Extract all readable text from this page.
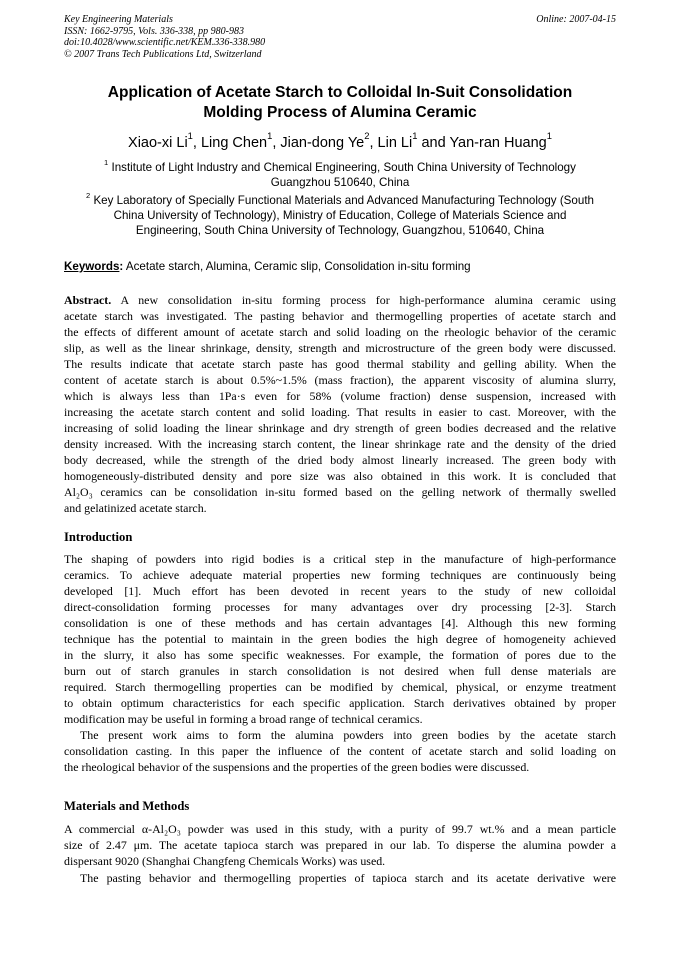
Key Engineering Materials
ISSN: 1662-9795, Vols. 336-338, pp 980-983
doi:10.4028/www.scientific.net/KEM.336-338.980
© 2007 Trans Tech Publications Ltd, Switzerland
Online: 2007-04-15
Application of Acetate Starch to Colloidal In-Suit Consolidation
Molding Process of Alumina Ceramic
Xiao-xi Li$^1$, Ling Chen$^1$, Jian-dong Ye$^2$, Lin Li$^1$ and Yan-ran Huang$^1$
$^1$ Institute of Light Industry and Chemical Engineering, South China University of Technology
Guangzhou 510640, China
$^2$ Key Laboratory of Specially Functional Materials and Advanced Manufacturing Technology (South
China University of Technology), Ministry of Education, College of Materials Science and
Engineering, South China University of Technology, Guangzhou, 510640, China
Keywords: Acetate starch, Alumina, Ceramic slip, Consolidation in-situ forming
Abstract. A new consolidation in-situ forming process for high-performance alumina ceramic using
acetate starch was investigated. The pasting behavior and thermogelling properties of acetate starch and
the effects of different amount of acetate starch and solid loading on the rheologic behavior of the ceramic
slip, as well as the linear shrinkage, density, strength and microstructure of the green body were discussed.
The results indicate that acetate starch paste has good thermal stability and gelling ability. When the
content of acetate starch is about 0.5%~1.5% (mass fraction), the apparent viscosity of alumina slurry,
which is always less than 1Pa·s even for 58% (volume fraction) dense suspension, increased with
increasing the acetate starch content and solid loading. That results in easier to cast. Moreover, with the
increasing of solid loading the linear shrinkage and dry strength of green bodies decreased and the relative
density increased. With the increasing starch content, the linear shrinkage rate and the density of the dried
body decreased, while the strength of the dried body almost linearly increased. The green body with
homogeneously-distributed density and pore size was also obtained in this work. It is concluded that
Al₂O₃ ceramics can be consolidation in-situ formed based on the gelling network of thermally swelled
and gelatinized acetate starch.
Introduction
The shaping of powders into rigid bodies is a critical step in the manufacture of high-performance
ceramics. To achieve adequate material properties new forming techniques are continuously being
developed [1]. Much effort has been devoted in recent years to the study of new colloidal
direct-consolidation forming processes for many advantages over dry processing [2-3]. Starch
consolidation is one of these methods and has certain advantages [4]. Although this new forming
technique has the potential to maintain in the green bodies the high degree of homogeneity achieved
in the slurry, it also has some specific weaknesses. For example, the formation of pores due to the
burn out of starch granules in starch consolidation is not desired when full dense materials are
required. Starch thermogelling properties can be modified by chemical, physical, or enzyme treatment
to obtain optimum characteristics for each specific application. Starch derivatives obtained by proper
modification may be useful in forming a broad range of technical ceramics.
The present work aims to form the alumina powders into green bodies by the acetate starch
consolidation casting. In this paper the influence of the content of acetate starch and solid loading on
the rheological behavior of the suspensions and the properties of the green bodies were discussed.
Materials and Methods
A commercial α-Al₂O₃ powder was used in this study, with a purity of 99.7 wt.% and a mean particle
size of 2.47 μm. The acetate tapioca starch was prepared in our lab. To disperse the alumina powder a
dispersant 9020 (Shanghai Changfeng Chemicals Works) was used.
The pasting behavior and thermogelling properties of tapioca starch and its acetate derivative were
